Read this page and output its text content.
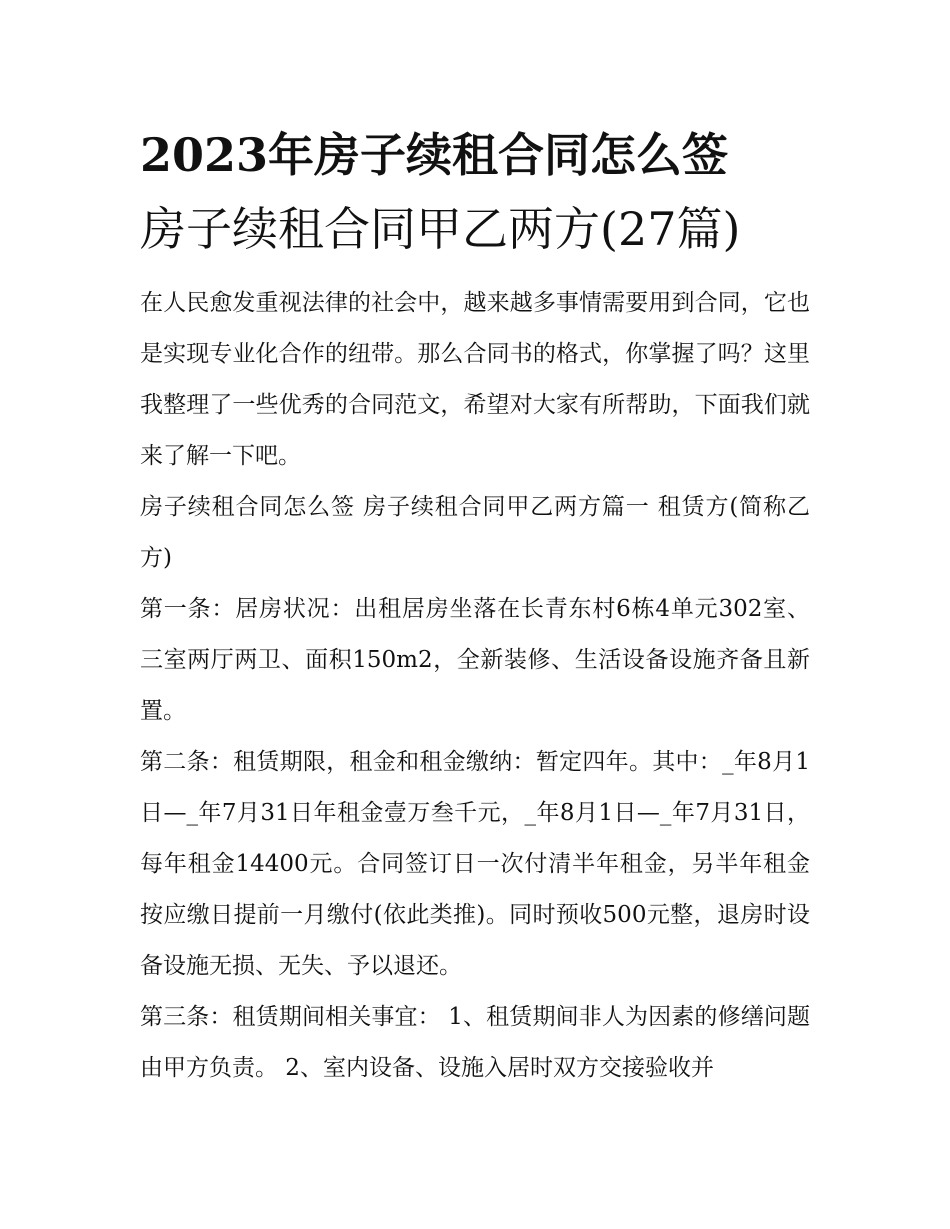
2023年房子续租合同怎么签
房子续租合同甲乙两方(27篇)

在人民愈发重视法律的社会中，越来越多事情需要用到合同，它也是实现专业化合作的纽带。那么合同书的格式，你掌握了吗？这里我整理了一些优秀的合同范文，希望对大家有所帮助，下面我们就来了解一下吧。

房子续租合同怎么签 房子续租合同甲乙两方篇一 租赁方(简称乙方)

第一条：居房状况：出租居房坐落在长青东村6栋4单元302室、三室两厅两卫、面积150m2，全新装修、生活设备设施齐备且新置。

第二条：租赁期限，租金和租金缴纳：暂定四年。其中：_年8月1日—_年7月31日年租金壹万叁千元，_年8月1日—_年7月31日，每年租金14400元。合同签订日一次付清半年租金，另半年租金按应缴日提前一月缴付(依此类推)。同时预收500元整，退房时设备设施无损、无失、予以退还。

第三条：租赁期间相关事宜： 1、租赁期间非人为因素的修缮问题由甲方负责。 2、室内设备、设施入居时双方交接验收并
